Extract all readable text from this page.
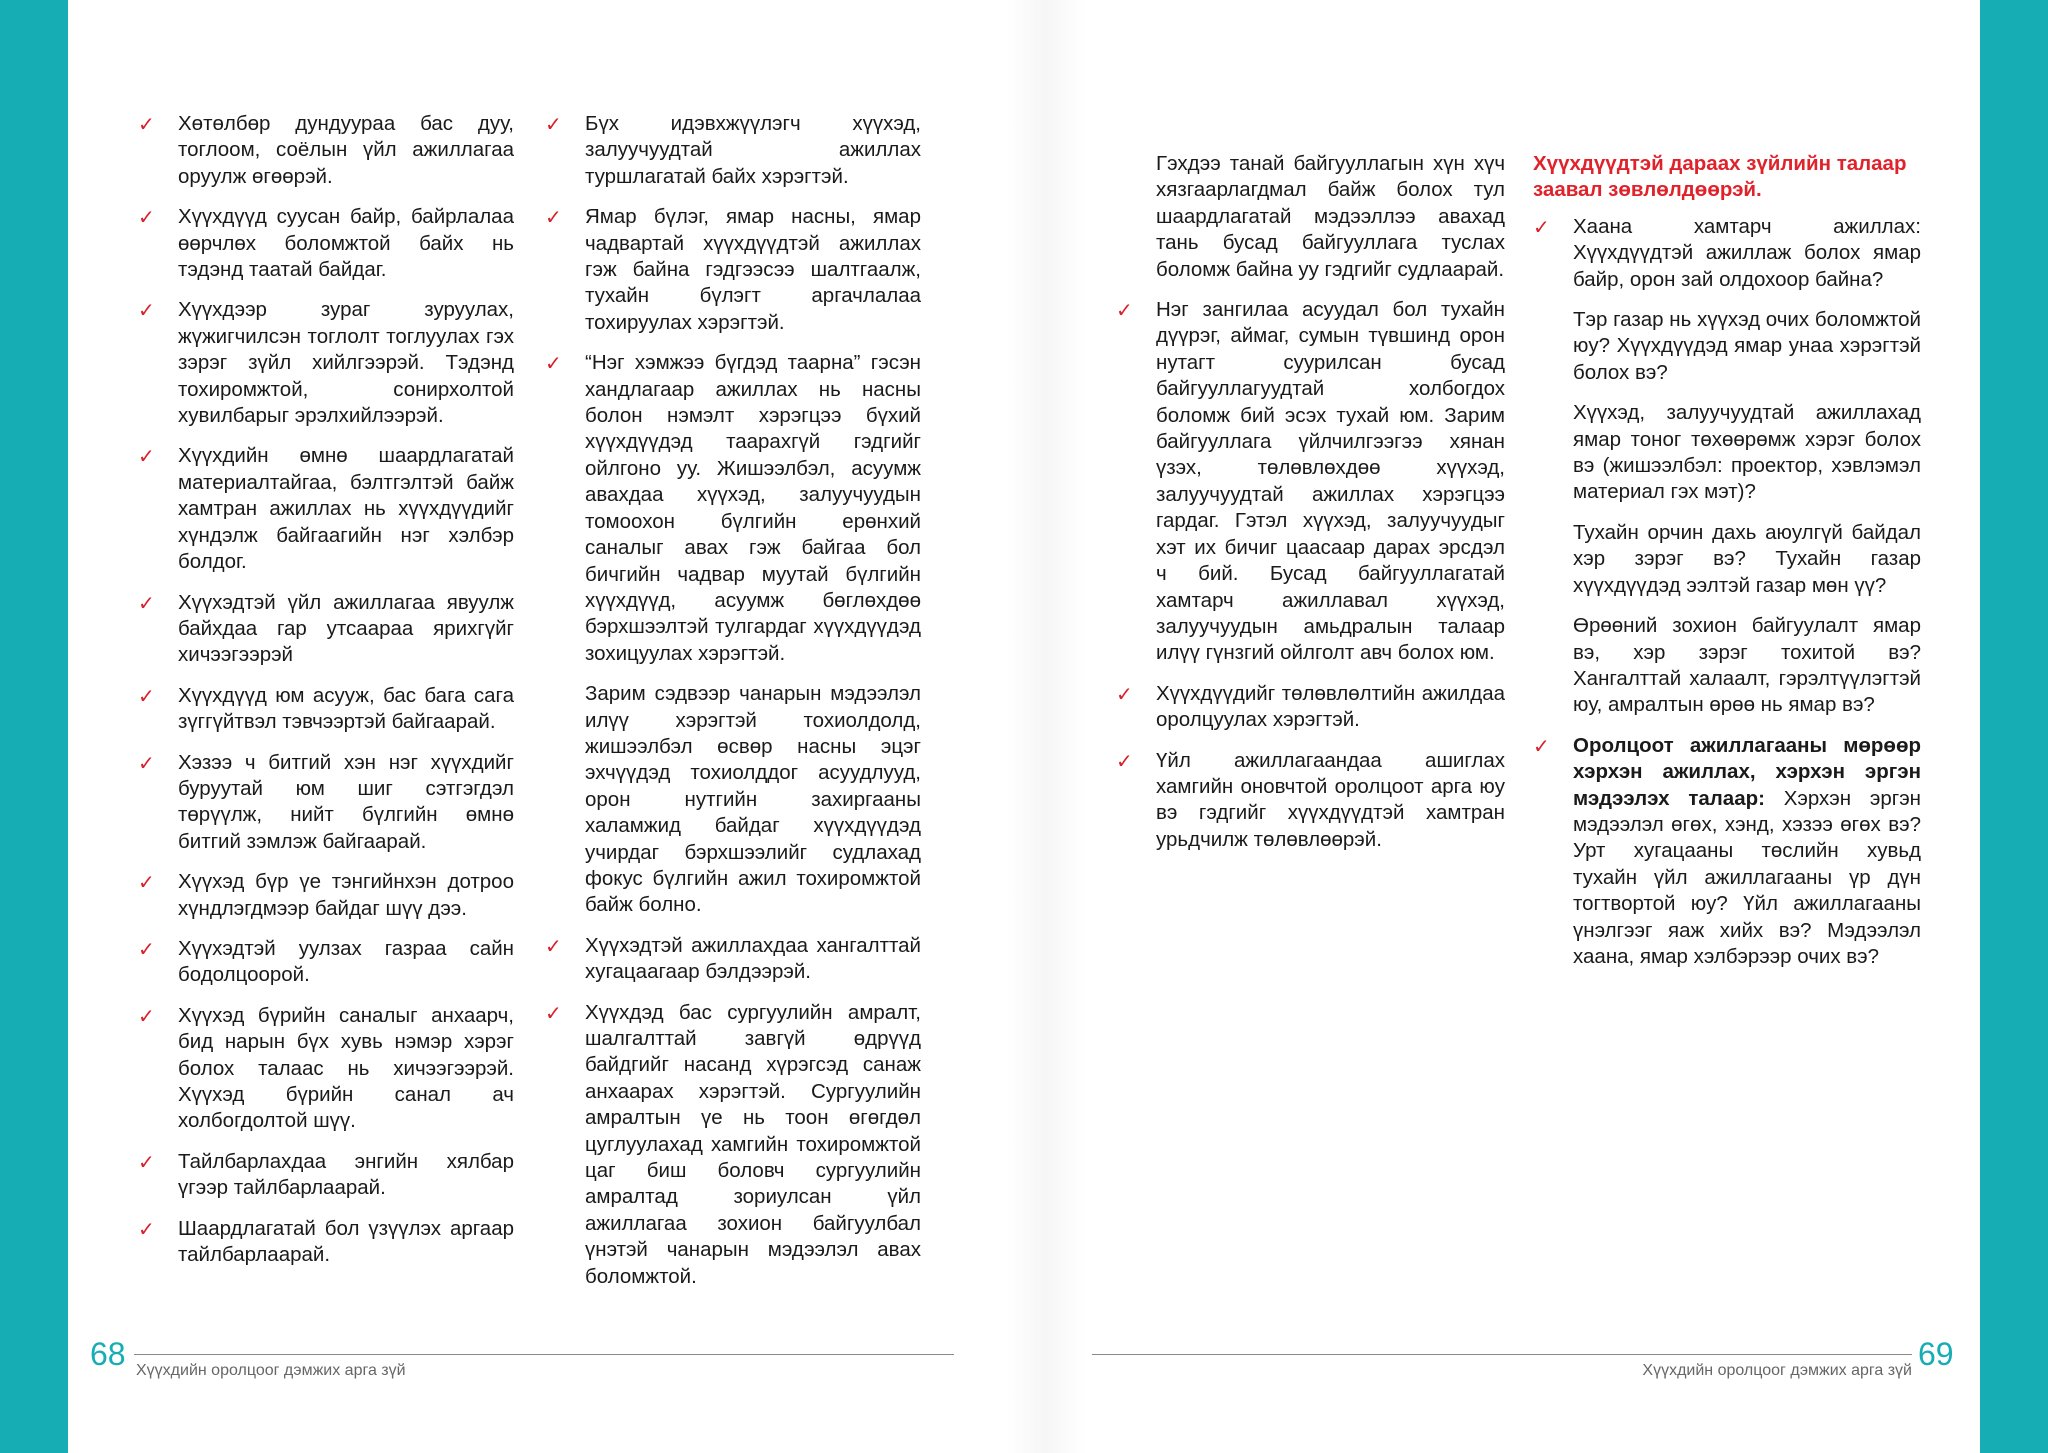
✓ Хөтөлбөр дундуураа бас дуу, тоглоом, соёлын үйл ажиллагаа оруулж өгөөрэй.
✓ Хүүхдүүд суусан байр, байрлалаа өөрчлөх боломжтой байх нь тэдэнд таатай байдаг.
✓ Хүүхдээр зураг зуруулах, жүжигчилсэн тоглолт тоглуулах гэх зэрэг зүйл хийлгээрэй. Тэдэнд тохиромжтой, сонирхолтой хувилбарыг эрэлхийлээрэй.
✓ Хүүхдийн өмнө шаардлагатай материалтайгаа, бэлтгэлтэй байж хамтран ажиллах нь хүүхдүүдийг хүндэлж байгаагийн нэг хэлбэр болдог.
✓ Хүүхэдтэй үйл ажиллагаа явуулж байхдаа гар утсаараа ярихгүйг хичээгээрэй
✓ Хүүхдүүд юм асууж, бас бага сага зүггүйтвэл тэвчээртэй байгаарай.
✓ Хэзээ ч битгий хэн нэг хүүхдийг буруутай юм шиг сэтгэгдэл төрүүлж, нийт бүлгийн өмнө битгий зэмлэж байгаарай.
✓ Хүүхэд бүр үе тэнгийнхэн дотроо хүндлэгдмээр байдаг шүү дээ.
✓ Хүүхэдтэй уулзах газраа сайн бодолцоорой.
✓ Хүүхэд бүрийн саналыг анхаарч, бид нарын бүх хувь нэмэр хэрэг болох талаас нь хичээгээрэй. Хүүхэд бүрийн санал ач холбогдолтой шүү.
✓ Тайлбарлахдаа энгийн хялбар үгээр тайлбарлаарай.
✓ Шаардлагатай бол үзүүлэх аргаар тайлбарлаарай.
✓ Бүх идэвхжүүлэгч хүүхэд, залуучуудтай ажиллах туршлагатай байх хэрэгтэй.
✓ Ямар бүлэг, ямар насны, ямар чадвартай хүүхдүүдтэй ажиллах гэж байна гэдгээсээ шалтгаалж, тухайн бүлэгт аргачлалаа тохируулах хэрэгтэй.
✓ “Нэг хэмжээ бүгдэд таарна” гэсэн хандлагаар ажиллах нь насны болон нэмэлт хэрэгцээ бүхий хүүхдүүдэд таарахгүй гэдгийг ойлгоно уу. Жишээлбэл, асуумж авахдаа хүүхэд, залуучуудын томоохон бүлгийн ерөнхий саналыг авах гэж байгаа бол бичгийн чадвар муутай бүлгийн хүүхдүүд, асуумж бөглөхдөө бэрхшээлтэй тулгардаг хүүхдүүдэд зохицуулах хэрэгтэй.

Зарим сэдвээр чанарын мэдээлэл илүү хэрэгтэй тохиолдолд, жишээлбэл өсвөр насны эцэг эхчүүдэд тохиолддог асуудлууд, орон нутгийн захиргааны халамжид байдаг хүүхдүүдэд учирдаг бэрхшээлийг судлахад фокус бүлгийн ажил тохиромжтой байж болно.

✓ Хүүхэдтэй ажиллахдаа хангалттай хугацаагаар бэлдээрэй.
✓ Хүүхдэд бас сургуулийн амралт, шалгалттай завгүй өдрүүд байдгийг насанд хүрэгсэд санаж анхаарах хэрэгтэй. Сургуулийн амралтын үе нь тоон өгөгдөл цуглуулахад хамгийн тохиромжтой цаг биш боловч сургуулийн амралтад зориулсан үйл ажиллагаа зохион байгуулбал үнэтэй чанарын мэдээлэл авах боломжтой.

Гэхдээ танай байгууллагын хүн хүч хязгаарлагдмал байж болох тул шаардлагатай мэдээллээ авахад тань бусад байгууллага туслах боломж байна уу гэдгийг судлаарай.

✓ Нэг зангилаа асуудал бол тухайн дүүрэг, аймаг, сумын түвшинд орон нутагт суурилсан бусад байгууллагуудтай холбогдох боломж бий эсэх тухай юм. Зарим байгууллага үйлчилгээгээ хянан үзэх, төлөвлөхдөө хүүхэд, залуучуудтай ажиллах хэрэгцээ гардаг. Гэтэл хүүхэд, залуучуудыг хэт их бичиг цаасаар дарах эрсдэл ч бий. Бусад байгууллагатай хамтарч ажиллавал хүүхэд, залуучуудын амьдралын талаар илүү гүнзгий ойлголт авч болох юм.
✓ Хүүхдүүдийг төлөвлөлтийн ажилдаа оролцуулах хэрэгтэй.
✓ Үйл ажиллагаандаа ашиглах хамгийн оновчтой оролцоот арга юу вэ гэдгийг хүүхдүүдтэй хамтран урьдчилж төлөвлөөрэй.
Хүүхдүүдтэй дараах зүйлийн талаар заавал зөвлөлдөөрэй.
✓ Хаана хамтарч ажиллах: Хүүхдүүдтэй ажиллаж болох ямар байр, орон зай олдохоор байна?

Тэр газар нь хүүхэд очих боломжтой юу? Хүүхдүүдэд ямар унаа хэрэгтэй болох вэ?

Хүүхэд, залуучуудтай ажиллахад ямар тоног төхөөрөмж хэрэг болох вэ (жишээлбэл: проектор, хэвлэмэл материал гэх мэт)?

Тухайн орчин дахь аюулгүй байдал хэр зэрэг вэ? Тухайн газар хүүхдүүдэд ээлтэй газар мөн үү?

Өрөөний зохион байгуулалт ямар вэ, хэр зэрэг тохитой вэ? Хангалттай халаалт, гэрэлтүүлэгтэй юу, амралтын өрөө нь ямар вэ?

✓ Оролцоот ажиллагааны мөрөөр хэрхэн ажиллах, хэрхэн эргэн мэдээлэх талаар: Хэрхэн эргэн мэдээлэл өгөх, хэнд, хэзээ өгөх вэ? Урт хугацааны төслийн хувьд тухайн үйл ажиллагааны үр дүн тогтвортой юу? Үйл ажиллагааны үнэлгээг яаж хийх вэ? Мэдээлэл хаана, ямар хэлбэрээр очих вэ?
68 Хүүхдийн оролцоог дэмжих арга зүй	69
Хүүхдийн оролцоог дэмжих арга зүй
